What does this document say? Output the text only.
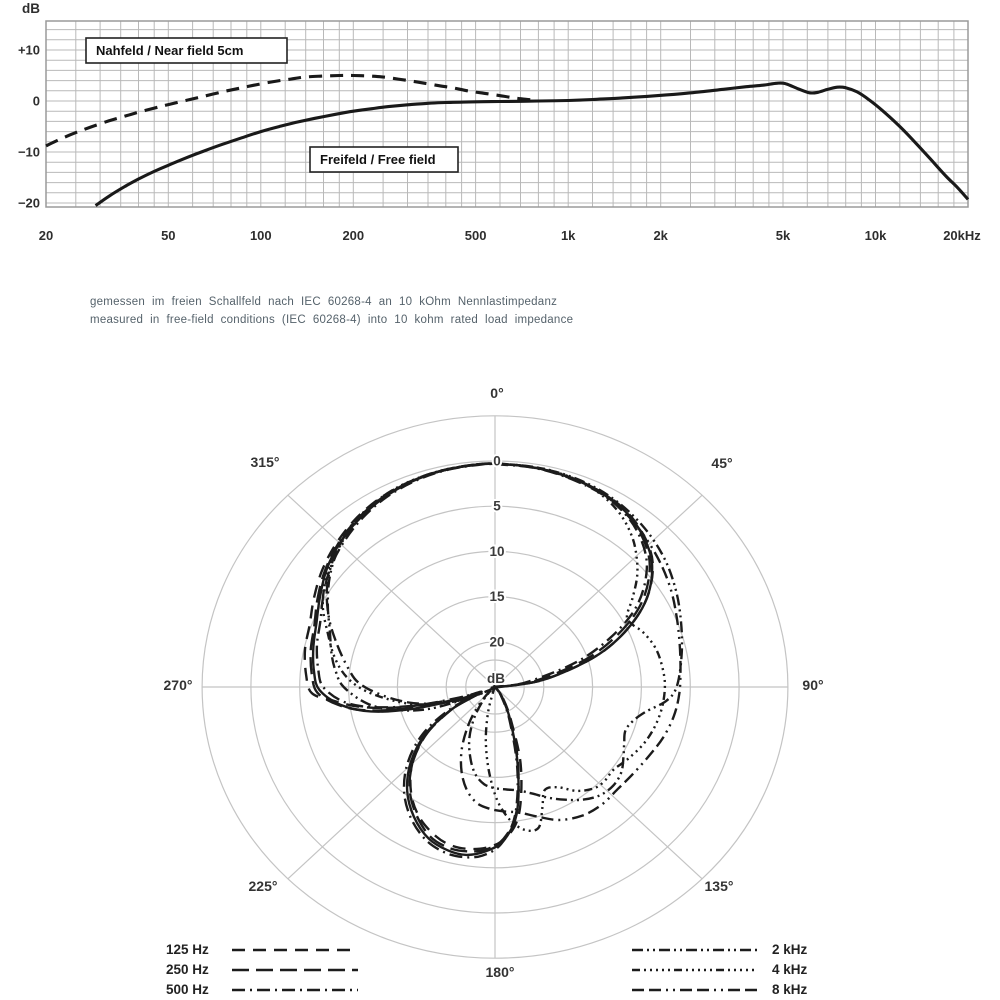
Nahfeld / Near field 5cm
Freifeld / Free field
dB
+10
0
−10
−20
20	50	100	200	500	1k	2k	5k	10k	20kHz
gemessen im freien Schallfeld nach IEC 60268-4 an 10 kOhm Nennlastimpedanz
measured in free-field conditions (IEC 60268-4) into 10 kohm rated load impedance
0°
45°
90°
135°
180°
225°
270°
315°	0
5
10
15
20
dB
125 Hz
250 Hz
500 Hz
2 kHz
4 kHz
8 kHz
